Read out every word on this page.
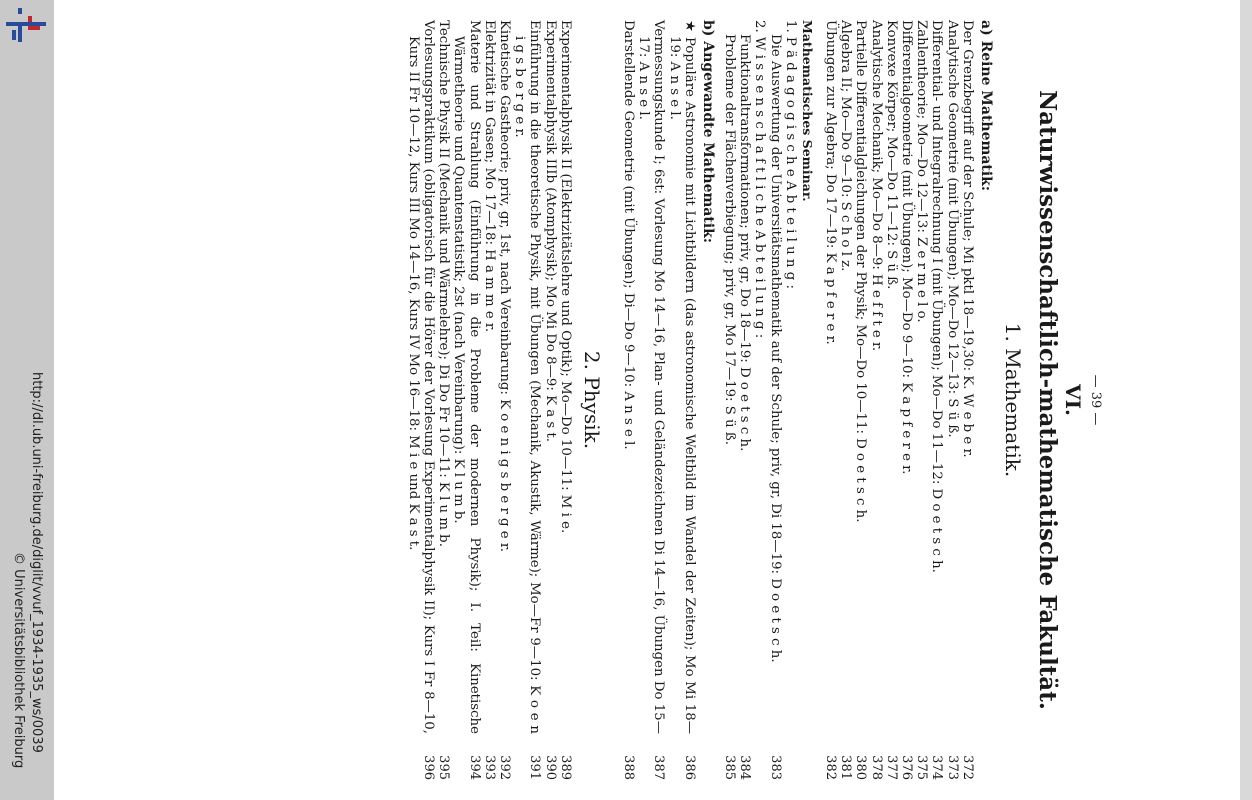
http://dl.ub.uni-freiburg.de/diglit/vvuf_1934-1935_ws/0039
© Universitätsbibliothek Freiburg
— 39 —
VI.
Naturwissenschaftlich-mathematische Fakultät.
1. Mathematik.
a) Reine Mathematik:
Der Grenzbegriff auf der Schule; Mi pktl 18—19,30: K. W e b e r.
372
Analytische Geometrie (mit Übungen); Mo—Do 12—13: S ü ß.
373
Differential- und Integralrechnung I (mit Übungen); Mo—Do 11—12: D o e t s c h.
374
Zahlentheorie; Mo—Do 12—13: Z e r m e l o.
375
Differentialgeometrie (mit Übungen); Mo—Do 9—10: K a p f e r e r.
376
Konvexe Körper; Mo—Do 11—12: S ü ß.
377
Analytische Mechanik; Mo—Do 8—9: H e f f t e r.
378
Partielle Differentialgleichungen der Physik; Mo—Do 10—11: D o e t s c h.
380
Algebra II; Mo—Do 9—10: S c h o l z.
381
Übungen zur Algebra; Do 17—19: K a p f e r e r.
382
Mathematisches Seminar.
1. P ä d a g o g i s c h e A b t e i l u n g :
Die Auswertung der Universitätsmathematik auf der Schule; priv, gr, Di 18—19: D o e t s c h.
383
2. W i s s e n s c h a f t l i c h e A b t e i l u n g :
Funktionaltransformationen; priv, gr, Do 18—19: D o e t s c h.
384
Probleme der Flächenverbiegung; priv, gr, Mo 17—19: S ü ß.
385
b) Angewandte Mathematik:
★ Populäre Astronomie mit Lichtbildern (das astronomische Weltbild im Wandel der Zeiten); Mo Mi 18—19: A n s e l.
386
Vermessungskunde I; 6st: Vorlesung Mo 14—16, Plan- und Geländezeichnen Di 14—16, Übungen Do 15—17: A n s e l.
387
Darstellende Geometrie (mit Übungen); Di—Do 9—10: A n s e l.
388
2. Physik.
Experimentalphysik II (Elektrizitätslehre und Optik); Mo—Do 10—11: M i e.
389
Experimentalphysik IIIb (Atomphysik); Mo Mi Do 8—9: K a s t.
390
Einführung in die theoretische Physik, mit Übungen (Mechanik, Akustik, Wärme); Mo—Fr 9—10: K o e n i g s b e r g e r.
391
Kinetische Gastheorie; priv, gr, 1st, nach Vereinbarung: K o e n i g s b e r g e r.
392
Elektrizität in Gasen; Mo 17—18: H a m m e r.
393
Materie und Strahlung (Einführung in die Probleme der modernen Physik); I. Teil: Kinetische Wärmetheorie und Quantenstatistik; 2st (nach Vereinbarung): K l u m b.
394
Technische Physik II (Mechanik und Wärmelehre); Di Do Fr 10—11: K l u m b.
395
Vorlesungspraktikum (obligatorisch für die Hörer der Vorlesung Experimentalphysik II); Kurs I Fr 8—10, Kurs II Fr 10—12, Kurs III Mo 14—16, Kurs IV Mo 16—18: M i e und K a s t.
396
